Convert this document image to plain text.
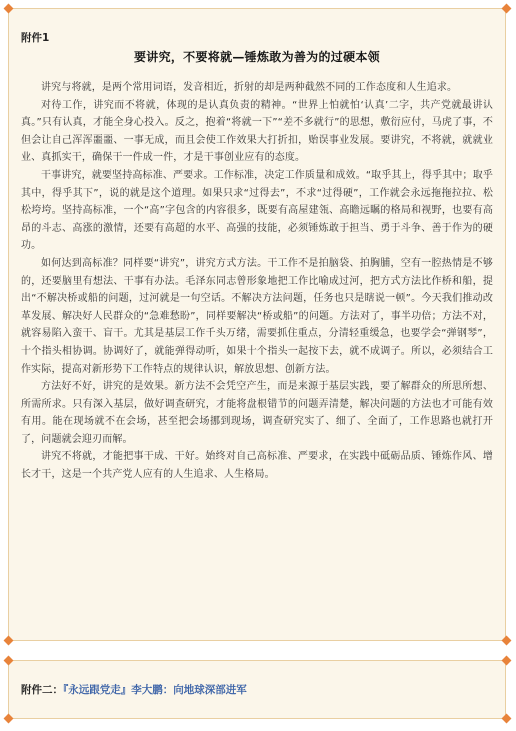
附件1
要讲究，不要将就—锤炼敢为善为的过硬本领

讲究与将就，是两个常用词语，发音相近，折射的却是两种截然不同的工作态度和人生追求。

对待工作，讲究而不将就，体现的是认真负责的精神。“世界上怕就怕‘认真’二字，共产党就最讲认真。”只有认真，才能全身心投入。反之，抱着“将就一下”“差不多就行”的思想，敷衍应付，马虎了事，不但会让自己浑浑噩噩、一事无成，而且会使工作效果大打折扣，贻误事业发展。要讲究，不将就，就就业业、真抓实干，确保干一件成一件，才是干事创业应有的态度。

干事讲究，就要坚持高标准、严要求。工作标准，决定工作质量和成效。“取乎其上，得乎其中；取乎其中，得乎其下”，说的就是这个道理。如果只求“过得去”，不求“过得硬”，工作就会永远拖拖拉拉、松松垮垮。坚持高标准，一个“高”字包含的内容很多，既要有高屋建瓴、高瞻远瞩的格局和视野，也要有高昂的斗志、高涨的激情，还要有高超的水平、高强的技能，必须锤炼敢于担当、勇于斗争、善于作为的硬功。

如何达到高标准？同样要“讲究”，讲究方式方法。干工作不是拍脑袋、拍胸脯，空有一腔热情是不够的，还要脑里有想法、干事有办法。毛泽东同志曾形象地把工作比喻成过河，把方式方法比作桥和船，提出“不解决桥或船的问题，过河就是一句空话。不解决方法问题，任务也只是瞎说一顿”。今天我们推动改革发展、解决好人民群众的“急难愁盼”，同样要解决“桥或船”的问题。方法对了，事半功倍；方法不对，就容易陷入蛮干、盲干。尤其是基层工作千头万绪，需要抓住重点，分清轻重缓急，也要学会“弹钢琴”，十个指头相协调。协调好了，就能弹得动听，如果十个指头一起按下去，就不成调子。所以，必须结合工作实际，提高对新形势下工作特点的规律认识，解放思想、创新方法。

方法好不好，讲究的是效果。新方法不会凭空产生，而是来源于基层实践，要了解群众的所思所想、所需所求。只有深入基层，做好调查研究，才能将盘根错节的问题弄清楚，解决问题的方法也才可能有效有用。能在现场就不在会场，甚至把会场挪到现场，调查研究实了、细了、全面了，工作思路也就打开了，问题就会迎刃而解。

讲究不将就，才能把事干成、干好。始终对自己高标准、严要求，在实践中砥砺品质、锤炼作风、增长才干，这是一个共产党人应有的人生追求、人生格局。

附件二：『永远跟党走』李大鹏：向地球深部进军
